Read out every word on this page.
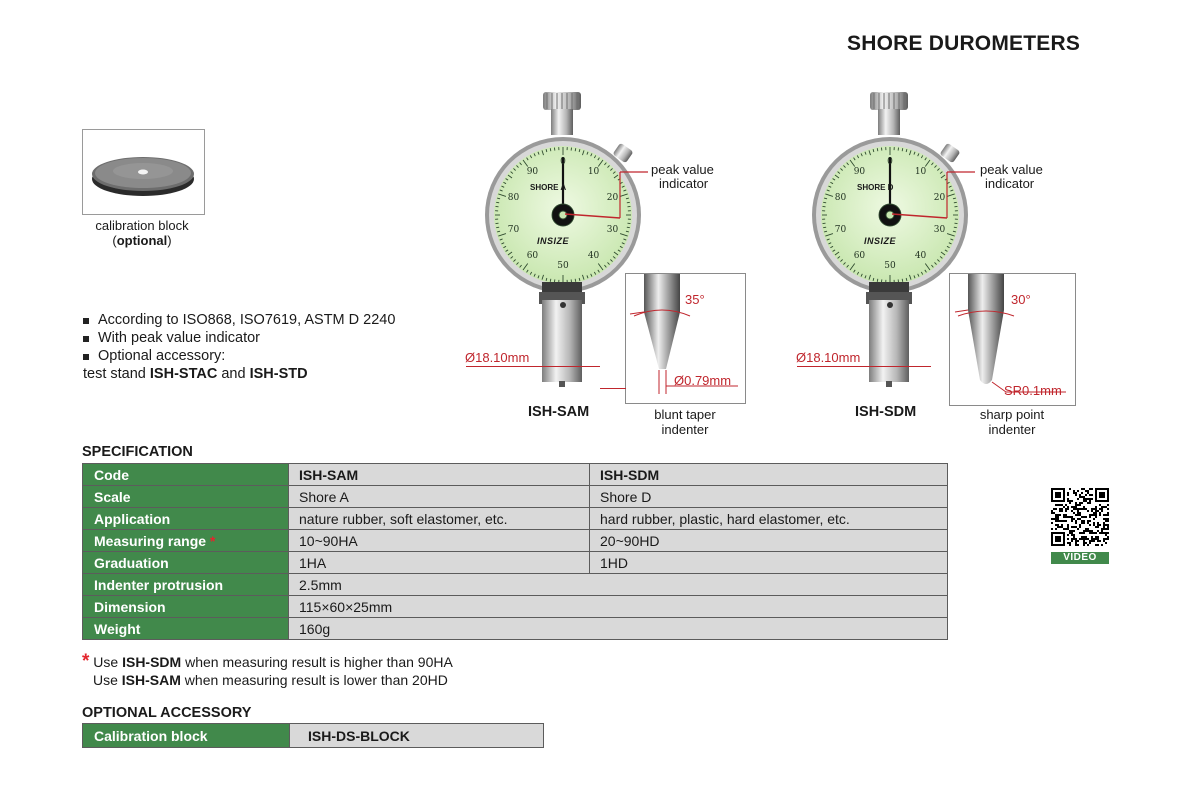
SHORE DUROMETERS
calibration block
(optional)
According to ISO868, ISO7619, ASTM D 2240
With peak value indicator
Optional accessory:
test stand ISH-STAC and ISH-STD
SHORE A
INSIZE
SHORE D
INSIZE
0
10
20
30
40
50
60
70
80
90
0
10
20
30
40
50
60
70
80
90
peak value
indicator
peak value
indicator
Ø18.10mm	Ø18.10mm
35°
Ø0.79mm
30°
SR0.1mm
ISH-SAM	ISH-SDM
blunt taper
indenter
sharp point
indenter
SPECIFICATION
Code	ISH-SAM	ISH-SDM
Scale	Shore A	Shore D
Application	nature rubber, soft elastomer, etc.	hard rubber, plastic, hard elastomer, etc.
Measuring range *	10~90HA	20~90HD
Graduation	1HA	1HD
Indenter protrusion	2.5mm	
Dimension	115×60×25mm	
Weight	160g	
* Use ISH-SDM when measuring result is higher than 90HA
Use ISH-SAM when measuring result is lower than 20HD
OPTIONAL ACCESSORY
Calibration block	ISH-DS-BLOCK
VIDEO
